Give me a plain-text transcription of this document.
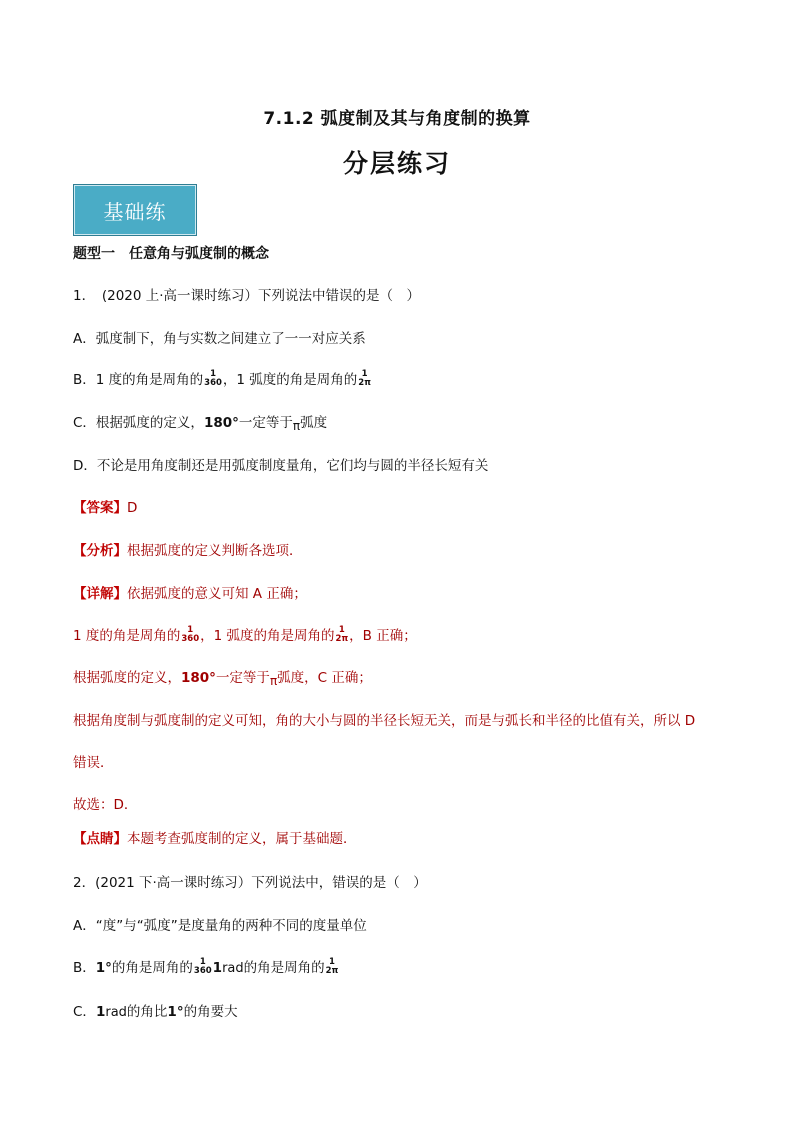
7.1.2 弧度制及其与角度制的换算
分层练习
基础练
题型一　任意角与弧度制的概念
1．　(2020 上·高一课时练习）下列说法中错误的是（　）
A．弧度制下，角与实数之间建立了一一对应关系
B．1 度的角是周角的 1
360 ，1 弧度的角是周角的 1
2π
C．根据弧度的定义，180°一定等于π弧度
D．不论是用角度制还是用弧度制度量角，它们均与圆的半径长短有关
【答案】D
【分析】根据弧度的定义判断各选项．
【详解】依据弧度的意义可知 A 正确；
1 度的角是周角的 1
360 ，1 弧度的角是周角的 1
2π ，B 正确；
根据弧度的定义，180°一定等于π弧度，C 正确；
根据角度制与弧度制的定义可知，角的大小与圆的半径长短无关，而是与弧长和半径的比值有关，所以 D
错误．
故选：D．
【点睛】本题考查弧度制的定义，属于基础题．
2．(2021 下·高一课时练习）下列说法中，错误的是（　）
A．“度”与“弧度”是度量角的两种不同的度量单位
B．1°的角是周角的 1
360 1rad的角是周角的 1
2π
C．1rad的角比1°的角要大
